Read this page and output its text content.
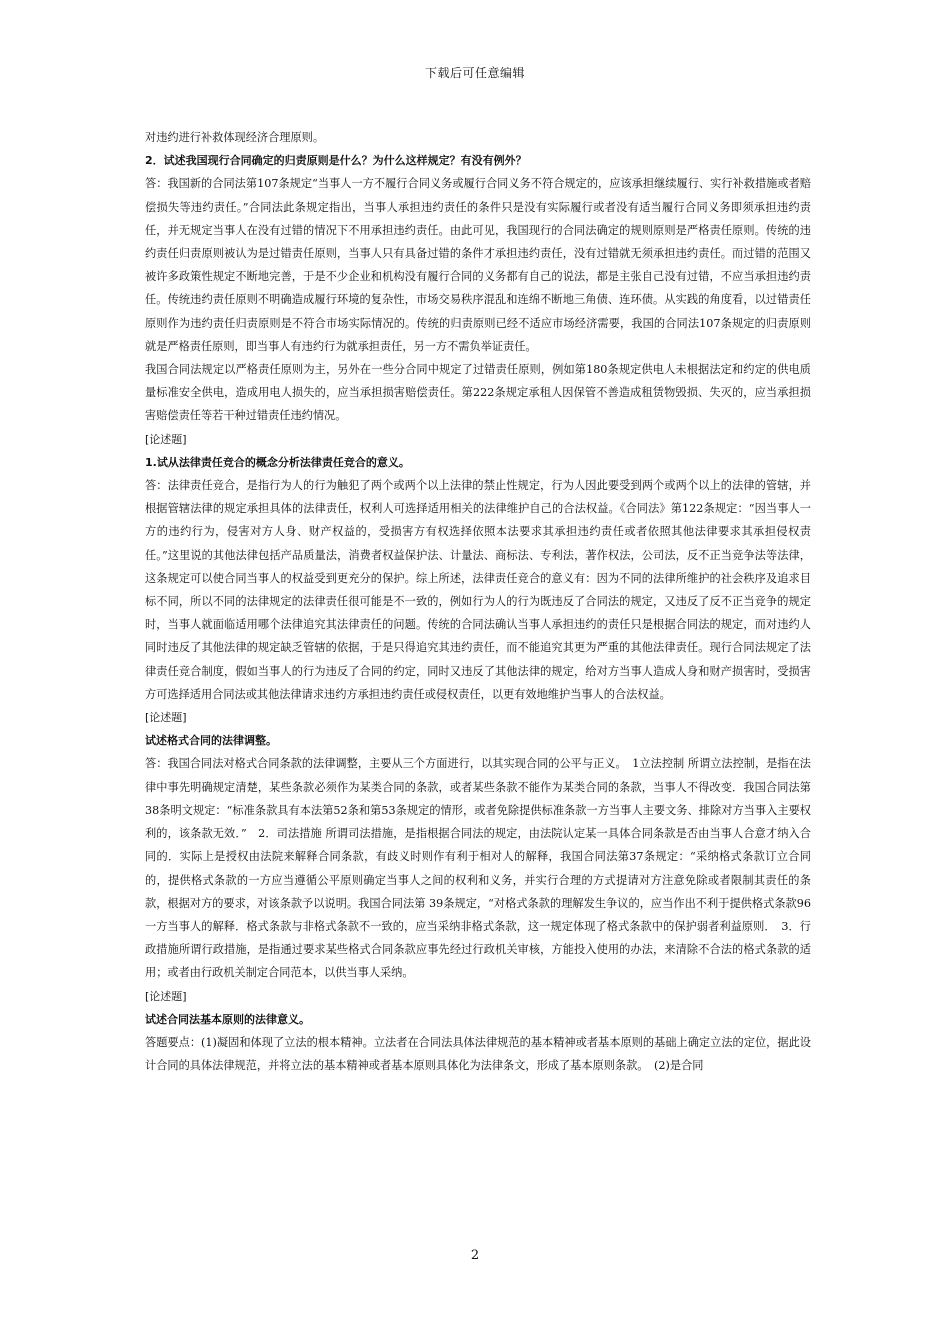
下载后可任意编辑

对违约进行补救体现经济合理原则。

2．试述我国现行合同确定的归责原则是什么？为什么这样规定？有没有例外？

答：我国新的合同法第107条规定“当事人一方不履行合同义务或履行合同义务不符合规定的，应该承担继续履行、实行补救措施或者赔偿损失等违约责任。”合同法此条规定指出，当事人承担违约责任的条件只是没有实际履行或者没有适当履行合同义务即须承担违约责任，并无规定当事人在没有过错的情况下不用承担违约责任。由此可见，我国现行的合同法确定的规则原则是严格责任原则。传统的违约责任归责原则被认为是过错责任原则，当事人只有具备过错的条件才承担违约责任，没有过错就无须承担违约责任。而过错的范围又被许多政策性规定不断地完善，于是不少企业和机构没有履行合同的义务都有自己的说法，都是主张自己没有过错，不应当承担违约责任。传统违约责任原则不明确造成履行环境的复杂性，市场交易秩序混乱和连绵不断地三角债、连环债。从实践的角度看，以过错责任原则作为违约责任归责原则是不符合市场实际情况的。传统的归责原则已经不适应市场经济需要，我国的合同法107条规定的归责原则就是严格责任原则，即当事人有违约行为就承担责任，另一方不需负举证责任。

我国合同法规定以严格责任原则为主，另外在一些分合同中规定了过错责任原则，例如第180条规定供电人未根据法定和约定的供电质量标准安全供电，造成用电人损失的，应当承担损害赔偿责任。第222条规定承租人因保管不善造成租赁物毁损、失灭的，应当承担损害赔偿责任等若干种过错责任违约情况。

[论述题]

1.试从法律责任竞合的概念分析法律责任竞合的意义。

答：法律责任竞合，是指行为人的行为触犯了两个或两个以上法律的禁止性规定，行为人因此要受到两个或两个以上的法律的管辖，并根据管辖法律的规定承担具体的法律责任，权利人可选择适用相关的法律维护自己的合法权益。《合同法》第122条规定：“因当事人一方的违约行为，侵害对方人身、财产权益的，受损害方有权选择依照本法要求其承担违约责任或者依照其他法律要求其承担侵权责任。”这里说的其他法律包括产品质量法，消费者权益保护法、计量法、商标法、专利法，著作权法，公司法，反不正当竞争法等法律，这条规定可以使合同当事人的权益受到更充分的保护。综上所述，法律责任竞合的意义有：因为不同的法律所维护的社会秩序及追求目标不同，所以不同的法律规定的法律责任很可能是不一致的，例如行为人的行为既违反了合同法的规定，又违反了反不正当竞争的规定时，当事人就面临适用哪个法律追究其法律责任的问题。传统的合同法确认当事人承担违约的责任只是根据合同法的规定，而对违约人同时违反了其他法律的规定缺乏管辖的依据，于是只得追究其违约责任，而不能追究其更为严重的其他法律责任。现行合同法规定了法律责任竞合制度，假如当事人的行为违反了合同的约定，同时又违反了其他法律的规定，给对方当事人造成人身和财产损害时，受损害方可选择适用合同法或其他法律请求违约方承担违约责任或侵权责任，以更有效地维护当事人的合法权益。

[论述题]

试述格式合同的法律调整。

答：我国合同法对格式合同条款的法律调整，主要从三个方面进行，以其实现合同的公平与正义。　1立法控制 所谓立法控制，是指在法律中事先明确规定清楚，某些条款必须作为某类合同的条款，或者某些条款不能作为某类合同的条款，当事人不得改变．我国合同法第38条明文规定：“标准条款具有本法第52条和第53条规定的情形，或者免除提供标准条款一方当事人主要文务、排除对方当事入主要权利的，该条款无效．”　2．司法措施 所谓司法措施，是指根据合同法的规定，由法院认定某一具体合同条款是否由当事人合意才纳入合同的．实际上是授权由法院来解释合同条款，有歧义时则作有利于相对人的解释，我国合同法第37条规定：“采纳格式条款订立合同的，提供格式条款的一方应当遵循公平原则确定当事人之间的权利和义务，并实行合理的方式提请对方注意免除或者限制其责任的条款，根据对方的要求，对该条款予以说明。我国合同法第 39条规定，“对格式条款的理解发生争议的，应当作出不利于提供格式条款96一方当事人的解释．格式条款与非格式条款不一致的，应当采纳非格式条款，这一规定体现了格式条款中的保护弱者利益原则．　3．行政措施所谓行政措施，是指通过要求某些格式合同条款应事先经过行政机关审核，方能投入使用的办法，来清除不合法的格式条款的适用；或者由行政机关制定合同范本，以供当事人采纳。

[论述题]

试述合同法基本原则的法律意义。

答题要点：(1)凝固和体现了立法的根本精神。立法者在合同法具体法律规范的基本精神或者基本原则的基础上确定立法的定位，据此设计合同的具体法律规范，并将立法的基本精神或者基本原则具体化为法律条文，形成了基本原则条款。　(2)是合同

2
